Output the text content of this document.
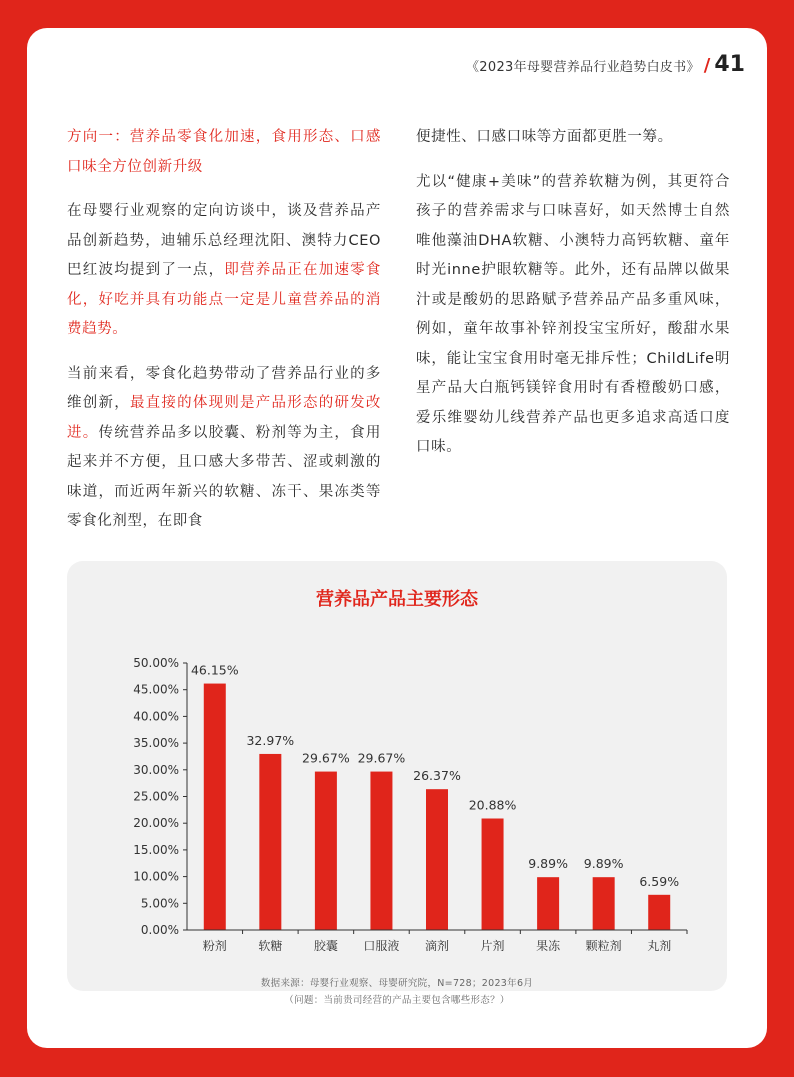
《2023年母婴营养品行业趋势白皮书》 / 41

方向一：营养品零食化加速，食用形态、口感口味全方位创新升级

在母婴行业观察的定向访谈中，谈及营养品产品创新趋势，迪辅乐总经理沈阳、澳特力CEO巴红波均提到了一点，即营养品正在加速零食化，好吃并具有功能点一定是儿童营养品的消费趋势。

当前来看，零食化趋势带动了营养品行业的多维创新，最直接的体现则是产品形态的研发改进。传统营养品多以胶囊、粉剂等为主，食用起来并不方便，且口感大多带苦、涩或刺激的味道，而近两年新兴的软糖、冻干、果冻类等零食化剂型，在即食

便捷性、口感口味等方面都更胜一筹。

尤以“健康+美味”的营养软糖为例，其更符合孩子的营养需求与口味喜好，如天然博士自然唯他藻油DHA软糖、小澳特力高钙软糖、童年时光inne护眼软糖等。此外，还有品牌以做果汁或是酸奶的思路赋予营养品产品多重风味，例如，童年故事补锌剂投宝宝所好，酸甜水果味，能让宝宝食用时毫无排斥性；ChildLife明星产品大白瓶钙镁锌食用时有香橙酸奶口感，爱乐维婴幼儿线营养产品也更多追求高适口度口味。

营养品产品主要形态
0.00%
5.00%
10.00%
15.00%
20.00%
25.00%
30.00%
35.00%
40.00%
45.00%
50.00% 46.15%
32.97%
29.67% 29.67%
26.37%
20.88%
9.89% 9.89%
6.59%
粉剂	软糖	胶囊 口服液 滴剂	片剂	果冻 颗粒剂 丸剂
数据来源：母婴行业观察、母婴研究院，N=728；2023年6月
（问题：当前贵司经营的产品主要包含哪些形态？）
